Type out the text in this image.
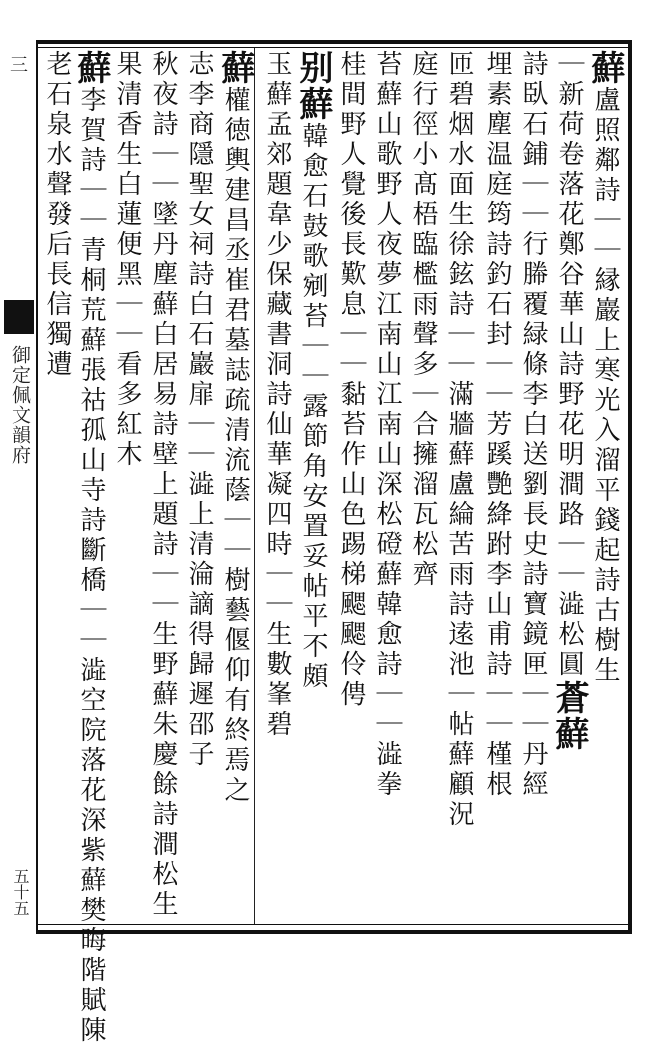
三
御定佩文韻府
五十五
蘚盧照鄰詩｜｜縁巖上寒光入溜平錢起詩古樹生
｜新荷卷落花鄭谷華山詩野花明澗路｜｜澁松圓蒼蘚
詩臥石鋪｜｜行幐覆緑條李白送劉長史詩寶鏡匣｜｜丹經
埋素塵温庭筠詩釣石封｜｜芳蹊艷絳跗李山甫詩｜｜槿根
匝碧烟水面生徐鉉詩｜｜滿牆蘚盧綸苦雨詩逺池｜帖蘚顧況
庭行徑小髙梧臨檻雨聲多｜合擁溜瓦松齊
苔蘚山歌野人夜夢江南山江南山深松磴蘚韓愈詩｜｜澁拳
桂間野人覺後長歎息｜｜黏苔作山色踢梯颸颸伶俜
别蘚韓愈石鼓歌剜苔｜｜露節角安置妥帖平不頗
玉蘚孟郊題韋少保藏書洞詩仙華凝四時｜｜生數峯碧
蘚權徳輿建昌丞崔君墓誌疏清流蔭｜｜樹藝偃仰有終焉之
志李商隱聖女祠詩白石巖扉｜｜澁上清淪謫得歸遲邵子
秋夜詩｜｜墜丹塵蘚白居易詩壁上題詩｜｜生野蘚朱慶餘詩澗松生
果清香生白蓮便黑｜｜看多紅木
蘚李賀詩｜｜青桐荒蘚張祜孤山寺詩斷橋｜｜澁空院落花深紫蘚樊晦階賦陳
老石泉水聲發后長信獨遭
